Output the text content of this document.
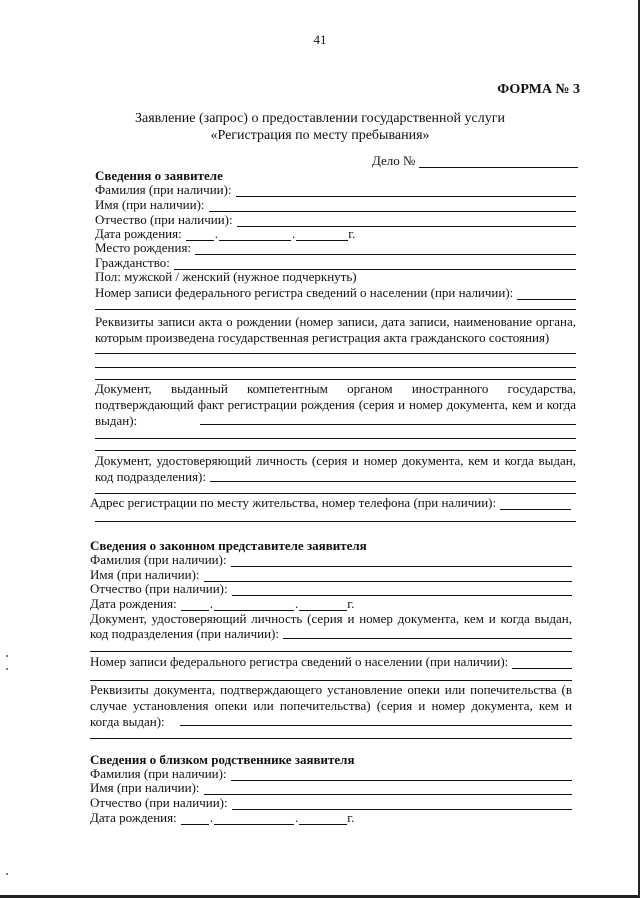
41
ФОРМА № 3
Заявление (запрос) о предоставлении государственной услуги
«Регистрация по месту пребывания»
Дело №
Сведения о заявителе
Фамилия (при наличии):
Имя (при наличии):
Отчество (при наличии):
Дата рождения:	.	.	г.
Место рождения:
Гражданство:
Пол: мужской / женский (нужное подчеркнуть)
Номер записи федерального регистра сведений о населении (при наличии):
Реквизиты записи акта о рождении (номер записи, дата записи, наименование органа, которым произведена государственная регистрация акта гражданского состояния)
Документ, выданный компетентным органом иностранного государства, подтверждающий факт регистрации рождения (серия и номер документа, кем и когда выдан):
Документ, удостоверяющий личность (серия и номер документа, кем и когда выдан, код подразделения):
Адрес регистрации по месту жительства, номер телефона (при наличии):
Сведения о законном представителе заявителя
Фамилия (при наличии):
Имя (при наличии):
Отчество (при наличии):
Дата рождения:	.	.	г.
Документ, удостоверяющий личность (серия и номер документа, кем и когда выдан, код подразделения (при наличии):
Номер записи федерального регистра сведений о населении (при наличии):
Реквизиты документа, подтверждающего установление опеки или попечительства (в случае установления опеки или попечительства) (серия и номер документа, кем и когда выдан):
Сведения о близком родственнике заявителя
Фамилия (при наличии):
Имя (при наличии):
Отчество (при наличии):
Дата рождения:	.	.	г.
